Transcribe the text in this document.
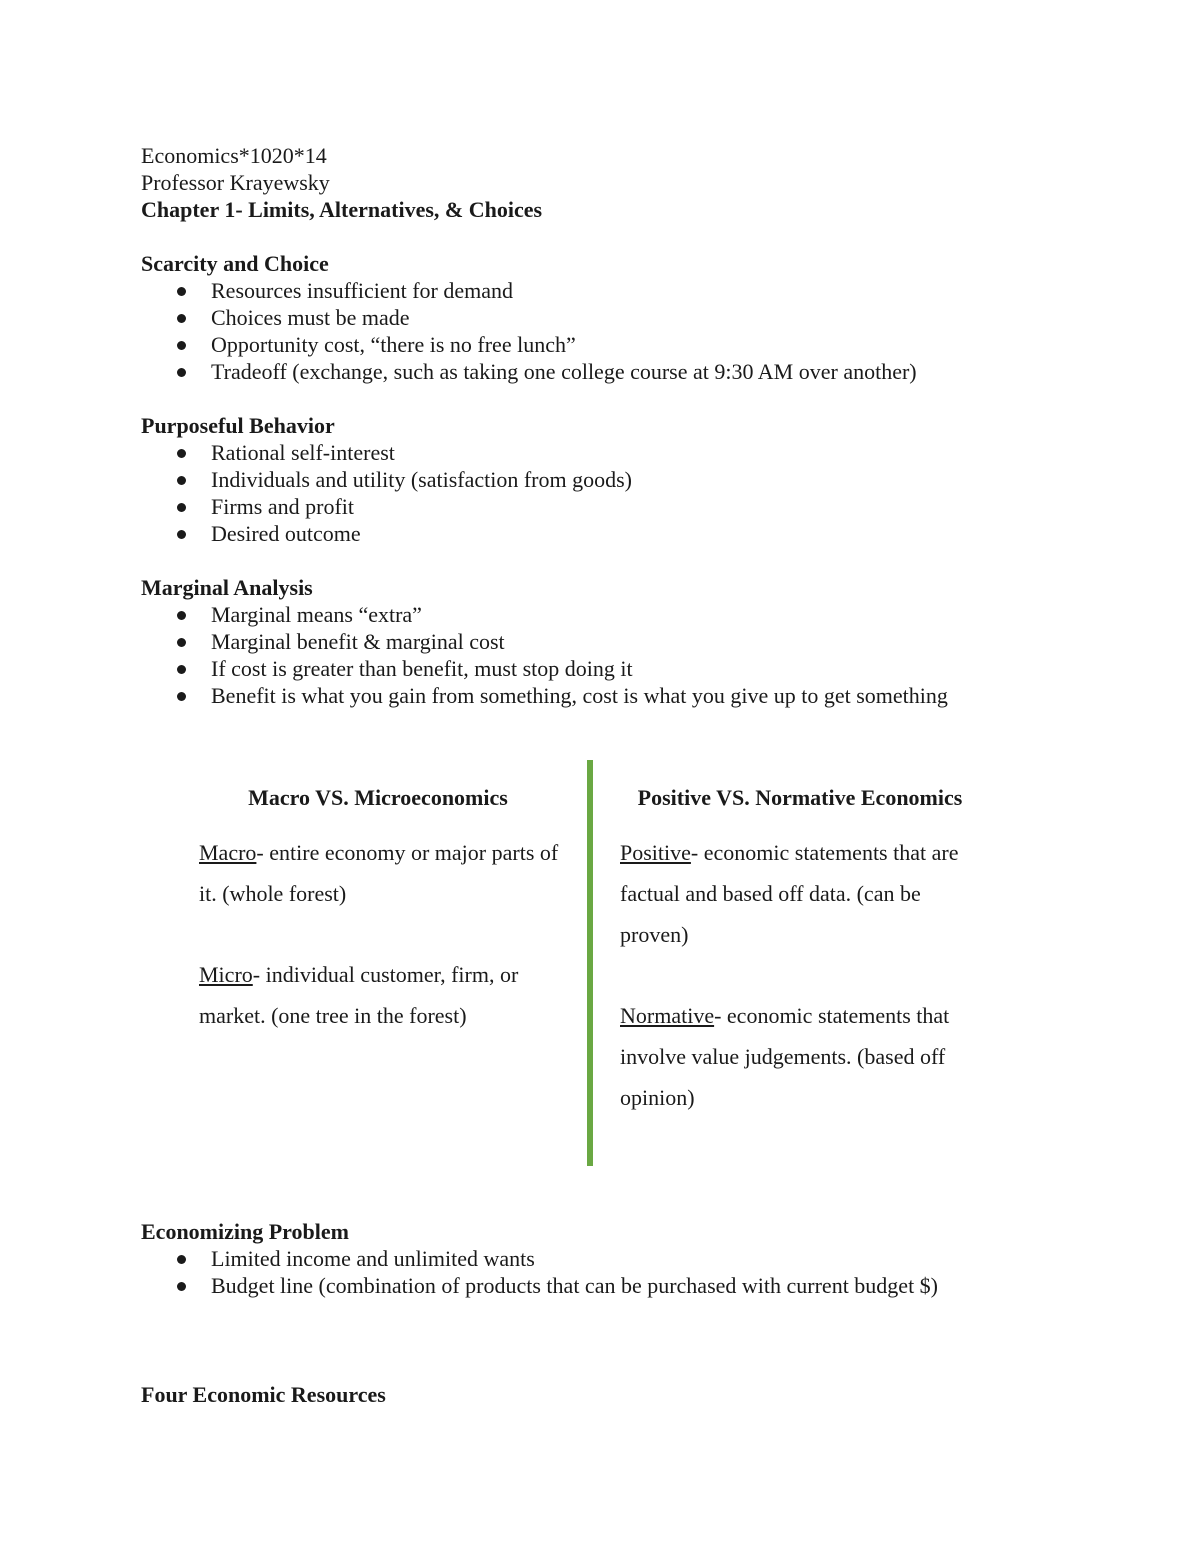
Economics*1020*14
Professor Krayewsky
Chapter 1- Limits, Alternatives, & Choices
Scarcity and Choice
Resources insufficient for demand
Choices must be made
Opportunity cost, “there is no free lunch”
Tradeoff (exchange, such as taking one college course at 9:30 AM over another)
Purposeful Behavior
Rational self-interest
Individuals and utility (satisfaction from goods)
Firms and profit
Desired outcome
Marginal Analysis
Marginal means “extra”
Marginal benefit & marginal cost
If cost is greater than benefit, must stop doing it
Benefit is what you gain from something, cost is what you give up to get something
Macro VS. Microeconomics	Positive VS. Normative Economics
Macro- entire economy or major parts of it. (whole forest)
Micro- individual customer, firm, or market. (one tree in the forest)
Positive- economic statements that are factual and based off data. (can be proven)
Normative- economic statements that involve value judgements. (based off opinion)
Economizing Problem
Limited income and unlimited wants
Budget line (combination of products that can be purchased with current budget $)
Four Economic Resources
